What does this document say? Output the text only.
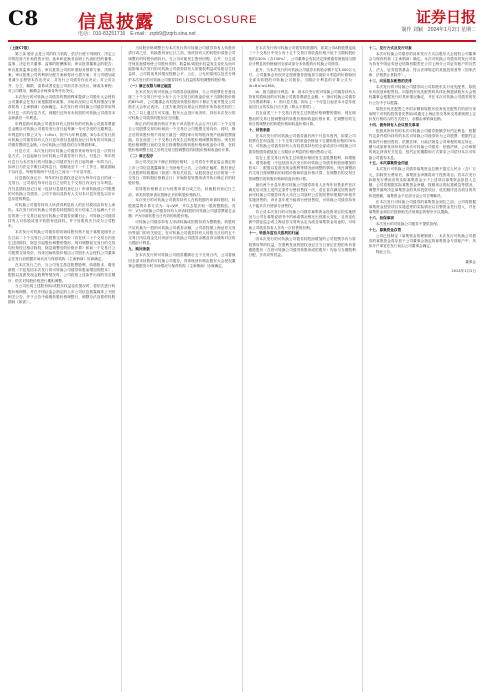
C8 信息披露 DISCLOSURE
电话：010-83251716　E-mail：zqrb9@zqrb.sina.net
证券日报
制作 刘颖　2024年1月2日 星期二

（上接C7版）

第三条 股东会是公司的权力机构，依法行使下列职权：决定公司的经营方针和投资计划；选举和更换非由职工代表担任的董事、监事，决定有关董事、监事的报酬事项；审议批准董事会的报告；审议批准监事会报告；审议批准公司的年度财务预算方案、决算方案；审议批准公司的利润分配方案和弥补亏损方案；对公司增加或者减少注册资本作出决议；对发行公司债券作出决议；对公司合并、分立、解散、清算或者变更公司形式作出决议；修改本章程；对公司聘用、解聘会计师事务所作出决议。

本次发行的可转换公司债券的票面利率提请公司股东大会授权公司董事会在发行前根据国家政策、市场状况和公司具体情况与保荐机构（主承销商）协商确定。本次发行的可转换公司债券采用每年付息一次的付息方式，到期归还所有未转股的可转换公司债券本金和最后一年利息。

年利息指可转换公司债券持有人按持有的可转换公司债券票面总金额自可转换公司债券发行首日起每满一年可享受的当期利息。年利息的计算公式为：I=B×i，其中I为年利息额，B为本次发行的可转换公司债券持有人在计息年度付息债权登记日持有的可转换公司债券票面总金额，i为可转换公司债券的当年票面利率。

付息方式：本次发行的可转换公司债券采用每年付息一次的付息方式，计息起始日为可转换公司债券发行首日。付息日：每年的付息日为本次发行的可转换公司债券发行首日起每满一年的当日。如该日为法定节假日或休息日，则顺延至下一个工作日，顺延期间不另付息。每相邻的两个付息日之间为一个计息年度。

付息债权登记日：每年的付息债权登记日为每年付息日的前一交易日，公司将在每年付息日之后的五个交易日内支付当年利息。在付息债权登记日前（包括付息债权登记日）申请转换成公司股票的可转换公司债券，公司不再向其持有人支付本计息年度及以后计息年度的利息。

可转换公司债券持有人所获得利息收入的应付税项由持有人承担。本次发行的可转换公司债券转股期自发行结束之日起满六个月后的第一个交易日起至可转换公司债券到期日止。可转换公司债券持有人对转股或者不转股有选择权，并于转股的次日成为公司股东。

本次发行可转换公司债券的初始转股价格不低于募集说明书公告日前二十个交易日公司股票交易均价（若在该二十个交易日内发生过因除权、除息引起股价调整的情形，则对调整前交易日的交易均价按经过相应除权、除息调整后的价格计算）和前一个交易日公司股票交易均价，具体初始转股价格由公司股东大会授权公司董事会在发行前根据市场状况与保荐机构（主承销商）协商确定。

在本次发行之后，当公司发生派送股票股利、转增股本、增发新股（不包括因本次发行的可转换公司债券转股而增加的股本）、配股以及派发现金股利等情况时，公司将按上述条件出现的先后顺序，依次对转股价格进行累积调整。

当公司出现上述股份和/或股东权益变化情况时，将依次进行转股价格调整，并在中国证监会指定的上市公司信息披露媒体上刊登相关公告，并于公告中载明转股价格调整日、调整办法及暂停转股期间（如需）。

当转股价格调整日为本次发行的可转换公司债券持有人转股申请日或之后，转换股份登记日之前，则该持有人的转股申请按公司调整后的转股价格执行。当公司可能发生股份回购、合并、分立或任何其他情形使公司股份类别、数量和/或股东权益发生变化从而可能影响本次发行的可转换公司债券持有人的债权利益或转股衍生权益时，公司将视具体情况按照公平、公正、公允的原则以及充分保护本次发行的可转换公司债券持有人权益的原则调整转股价格。

（一）修正权限与修正幅度

在本次发行的可转换公司债券存续期间，当公司股票在任意连续三十个交易日中至少有十五个交易日的收盘价低于当期转股价格的85%时，公司董事会有权提出转股价格向下修正方案并提交公司股东大会审议表决。上述方案须经出席会议的股东所持表决权的三分之二以上通过方可实施。股东大会进行表决时，持有本次发行的可转换公司债券的股东应当回避。

修正后的转股价格应不低于该次股东大会召开日前二十个交易日公司股票交易均价和前一个交易日公司股票交易均价，同时，修正后的转股价格不得低于最近一期经审计的每股净资产值和股票面值。若在前述三十个交易日内发生过转股价格调整的情形，则在转股价格调整日前的交易日按调整前的转股价格和收盘价计算，在转股价格调整日及之后的交易日按调整后的转股价格和收盘价计算。

（二）修正程序

如公司决定向下修正转股价格时，公司将在中国证监会指定的上市公司信息披露媒体上刊登相关公告，公告修正幅度、股权登记日及暂停转股期间（如需）等有关信息。从股权登记日后的第一个交易日（即转股价格修正日）开始恢复转股申请并执行修正后的转股价格。

若转股价格修正日为转股申请日或之后，转换股份登记日之前，该类转股申请应按修正后的转股价格执行。

本次发行的可转换公司债券持有人在转股期内申请转股时，转股数量的计算方式为：Q=V/P，并以去尾法取一股的整数倍。其中：V为可转换公司债券持有人申请转股的可转换公司债券票面总金额；P为申请转股当日有效的转股价格。

可转换公司债券持有人申请转换成的股份须为整数股。转股时不足转换为一股的可转换公司债券余额，公司将按照上海证券交易所等部门的有关规定，在可转换公司债券持有人转股当日后的五个交易日内以现金兑付该部分可转换公司债券余额及该余额所对应的当期应计利息。

九、赎回条款

在本次发行的可转换公司债券期满后五个交易日内，公司将赎回全部未转股的可转换公司债券，具体赎回价格由股东大会授权董事会根据发行时市场情况与保荐机构（主承销商）协商确定。

在本次发行的可转换公司债券转股期内，如果公司A股股票连续三十个交易日中至少有十五个交易日的收盘价格不低于当期转股价格的130%（含130%），公司董事会有权决定按照债券面值加当期应计利息的价格赎回全部或部分未转股的可转换公司债券。

此外，当本次发行的可转换公司债券未转股余额不足3,000万元时，公司董事会有权决定按照债券面值加当期应计利息的价格赎回全部未转股的可转换公司债券。当期应计利息的计算公式为：IA=B×i×t/365。

IA：指当期应计利息；B：指本次发行的可转换公司债券持有人持有的将赎回的可转换公司债券票面总金额；i：指可转换公司债券当年票面利率；t：指计息天数，即从上一个付息日起至本计息年度赎回日止的实际日历天数（算头不算尾）。

若在前述三十个交易日内发生过转股价格调整的情形，则在调整前的交易日按调整前的转股价格和收盘价格计算，在调整后的交易日按调整后的转股价格和收盘价格计算。

十、回售条款

在本次发行的可转换公司债券最后两个计息年度内，如果公司股票在任何连续三十个交易日的收盘价格低于当期转股价格的70%时，可转换公司债券持有人有权将其持有的全部或部分可转换公司债券按债券面值加上当期应计利息的价格回售给公司。

若在上述交易日内发生过转股价格因发生送股票股利、转增股本、增发新股（不包括因本次发行的可转换公司债券转股而增加的股本）、配股以及派发现金股利等情况而调整的情形，则在调整前的交易日按调整前的转股价格和收盘价格计算，在调整后的交易日按调整后的转股价格和收盘价格计算。

最后两个计息年度可转换公司债券持有人在每年回售条件首次满足后可按上述约定条件行使回售权一次，若在首次满足回售条件而可转换公司债券持有人未在公司届时公告的回售申报期内申报并实施回售的，该计息年度不能再行使回售权，可转换公司债券持有人不能多次行使部分回售权。

若公司本次发行的可转换公司债券募集资金投资项目的实施情况与公司在募集说明书中的承诺情况相比出现重大变化，且该变化被中国证监会或上海证券交易所认定为改变募集资金用途的，可转换公司债券持有人享有一次回售的权利。

十一、转股年度有关股利的归属

因本次发行的可转换公司债券转股而增加的公司股票享有与原股票同等的权益，在股利发放的股权登记日当日登记在册的所有普通股股东（含因可转换公司债券转股形成的股东）均参与当期股利分配，享有同等权益。

十二、发行方式及发行对象

本次可转换公司债券的具体发行方式由股东大会授权公司董事会与保荐机构（主承销商）确定。本次可转换公司债券的发行对象为持有中国证券登记结算有限责任公司上海分公司证券账户的自然人、法人、证券投资基金、符合法律规定的其他投资者等（国家法律、法规禁止者除外）。

十三、向原股东配售的安排

本次发行的可转换公司债券向公司原股东实行优先配售，原股东有权放弃配售权。向原股东优先配售的具体比例提请股东大会授权董事会根据发行时具体情况确定，并在本次可转换公司债券的发行公告中予以披露。

原股东优先配售之外的余额和原股东放弃优先配售后的部分采用网下对机构投资者发售和/或通过上海证券交易所交易系统网上定价发行相结合的方式进行，余额由承销商包销。

十四、债券持有人会议相关事项

依照其所持有的本次可转换公司债券数额享有约定利息；根据约定条件将所持有的本次可转换公司债券转为公司股票；根据约定的条件行使回售权；依照法律、行政法规及公司章程的规定转让、赠与或质押其所持有的本次可转换公司债券；依照法律、公司章程的规定获得有关信息；按约定的期限和方式要求公司偿付本次可转换公司债券本息。

十五、本次募集资金用途

本次发行可转换公司债券募集资金总额不超过人民币（含）万元，扣除发行费用后，募集资金净额将用于投资项目。若本次发行扣除发行费用后的实际募集资金少于上述项目募集资金拟投入总额，公司将根据实际募集资金净额，按照项目的轻重缓急等情况，调整并最终决定募集资金的具体投资项目、优先顺序及各项目的具体投资额，募集资金不足部分由公司自筹解决。

在本次发行可转换公司债券的募集资金到位之前，公司将根据募集资金投资项目实施进度的实际情况以自筹资金先行投入，并在募集资金到位后按照相关法规规定的程序予以置换。

十六、担保事项

本次发行的可转换公司债券不提供担保。

十七、募集资金存管

公司已经制定《募集资金管理制度》，本次发行可转换公司债券的募集资金将存放于公司董事会指定的募集资金专项账户中，具体开户事宜在发行前由公司董事会确定。

特此公告。

董事会

2024年1月2日
